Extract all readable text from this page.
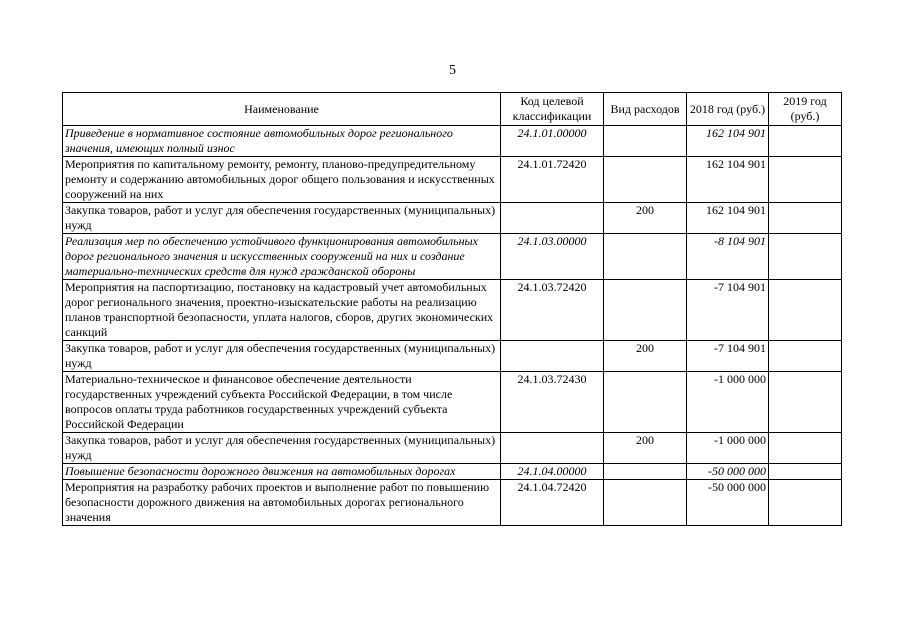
5
Наименование	Код целевой классификации	Вид расходов	2018 год (руб.)	2019 год (руб.)
Приведение в нормативное состояние автомобильных дорог регионального значения, имеющих полный износ	24.1.01.00000		162 104 901	
Мероприятия по капитальному ремонту, ремонту, планово-предупредительному ремонту и содержанию автомобильных дорог общего пользования и искусственных сооружений на них	24.1.01.72420		162 104 901	
Закупка товаров, работ и услуг для обеспечения государственных (муниципальных) нужд		200	162 104 901	
Реализация мер по обеспечению устойчивого функционирования автомобильных дорог регионального значения и искусственных сооружений на них и создание материально-технических средств для нужд гражданской обороны	24.1.03.00000		-8 104 901	
Мероприятия на паспортизацию, постановку на кадастровый учет автомобильных дорог регионального значения, проектно-изыскательские работы на реализацию планов транспортной безопасности, уплата налогов, сборов, других экономических санкций	24.1.03.72420		-7 104 901	
Закупка товаров, работ и услуг для обеспечения государственных (муниципальных) нужд		200	-7 104 901	
Материально-техническое и финансовое обеспечение деятельности государственных учреждений субъекта Российской Федерации, в том числе вопросов оплаты труда работников государственных учреждений субъекта Российской Федерации	24.1.03.72430		-1 000 000	
Закупка товаров, работ и услуг для обеспечения государственных (муниципальных) нужд		200	-1 000 000	
Повышение безопасности дорожного движения на автомобильных дорогах	24.1.04.00000		-50 000 000	
Мероприятия на разработку рабочих проектов и выполнение работ по повышению безопасности дорожного движения на автомобильных дорогах регионального значения	24.1.04.72420		-50 000 000	
